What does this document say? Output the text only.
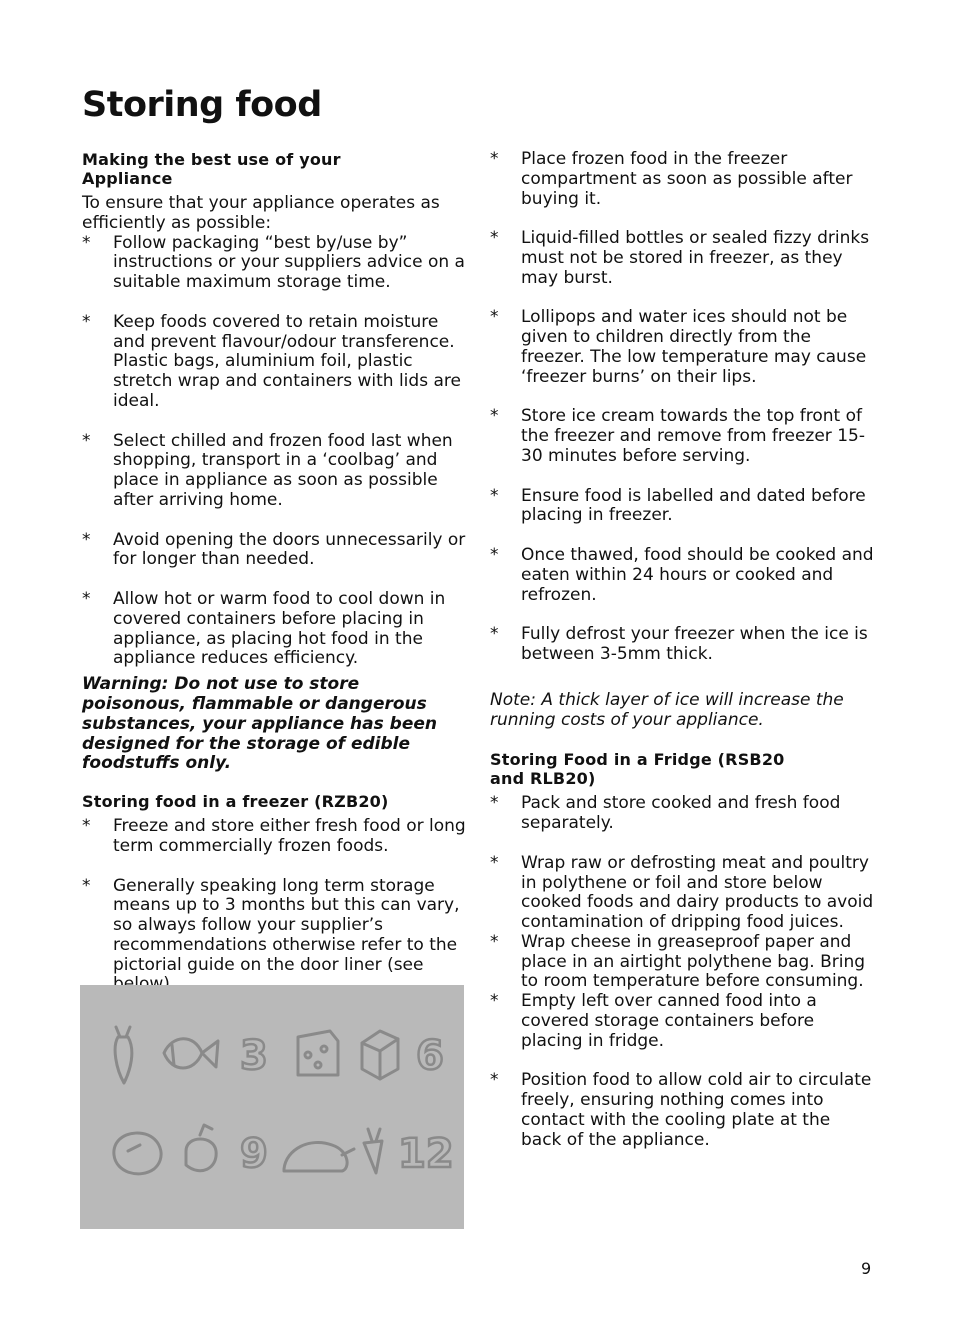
Storing food
Making the best use of your Appliance

To ensure that your appliance operates as efficiently as possible:

* Follow packaging “best by/use by” instructions or your suppliers advice on a suitable maximum storage time.
* Keep foods covered to retain moisture and prevent flavour/odour transference. Plastic bags, aluminium foil, plastic stretch wrap and containers with lids are ideal.
* Select chilled and frozen food last when shopping, transport in a ‘coolbag’ and place in appliance as soon as possible after arriving home.
* Avoid opening the doors unnecessarily or for longer than needed.
* Allow hot or warm food to cool down in covered containers before placing in appliance, as placing hot food in the appliance reduces efficiency.

Warning: Do not use to store poisonous, flammable or dangerous substances, your appliance has been designed for the storage of edible foodstuffs only.

Storing food in a freezer (RZB20)
* Freeze and store either fresh food or long term commercially frozen foods.
* Generally speaking long term storage means up to 3 months but this can vary, so always follow your supplier’s recommendations otherwise refer to the pictorial guide on the door liner (see
3	6
9	12
* Place frozen food in the freezer compartment as soon as possible after buying it.
* Liquid-filled bottles or sealed fizzy drinks must not be stored in freezer, as they may burst.
* Lollipops and water ices should not be given to children directly from the freezer. The low temperature may cause ‘freezer burns’ on their lips.
* Store ice cream towards the top front of the freezer and remove from freezer 15-30 minutes before serving.
* Ensure food is labelled and dated before placing in freezer.
* Once thawed, food should be cooked and eaten within 24 hours or cooked and refrozen.
* Fully defrost your freezer when the ice is between 3-5mm thick.

Note: A thick layer of ice will increase the running costs of your appliance.

Storing Food in a Fridge (RSB20 and RLB20)
* Pack and store cooked and fresh food separately.
* Wrap raw or defrosting meat and poultry in polythene or foil and store below cooked foods and dairy products to avoid contamination of dripping food juices.
* Wrap cheese in greaseproof paper and place in an airtight polythene bag. Bring to room temperature before consuming.
* Empty left over canned food into a covered storage containers before placing in fridge.
* Position food to allow cold air to circulate freely, ensuring nothing comes into contact with the cooling plate at the back of the appliance.
9
